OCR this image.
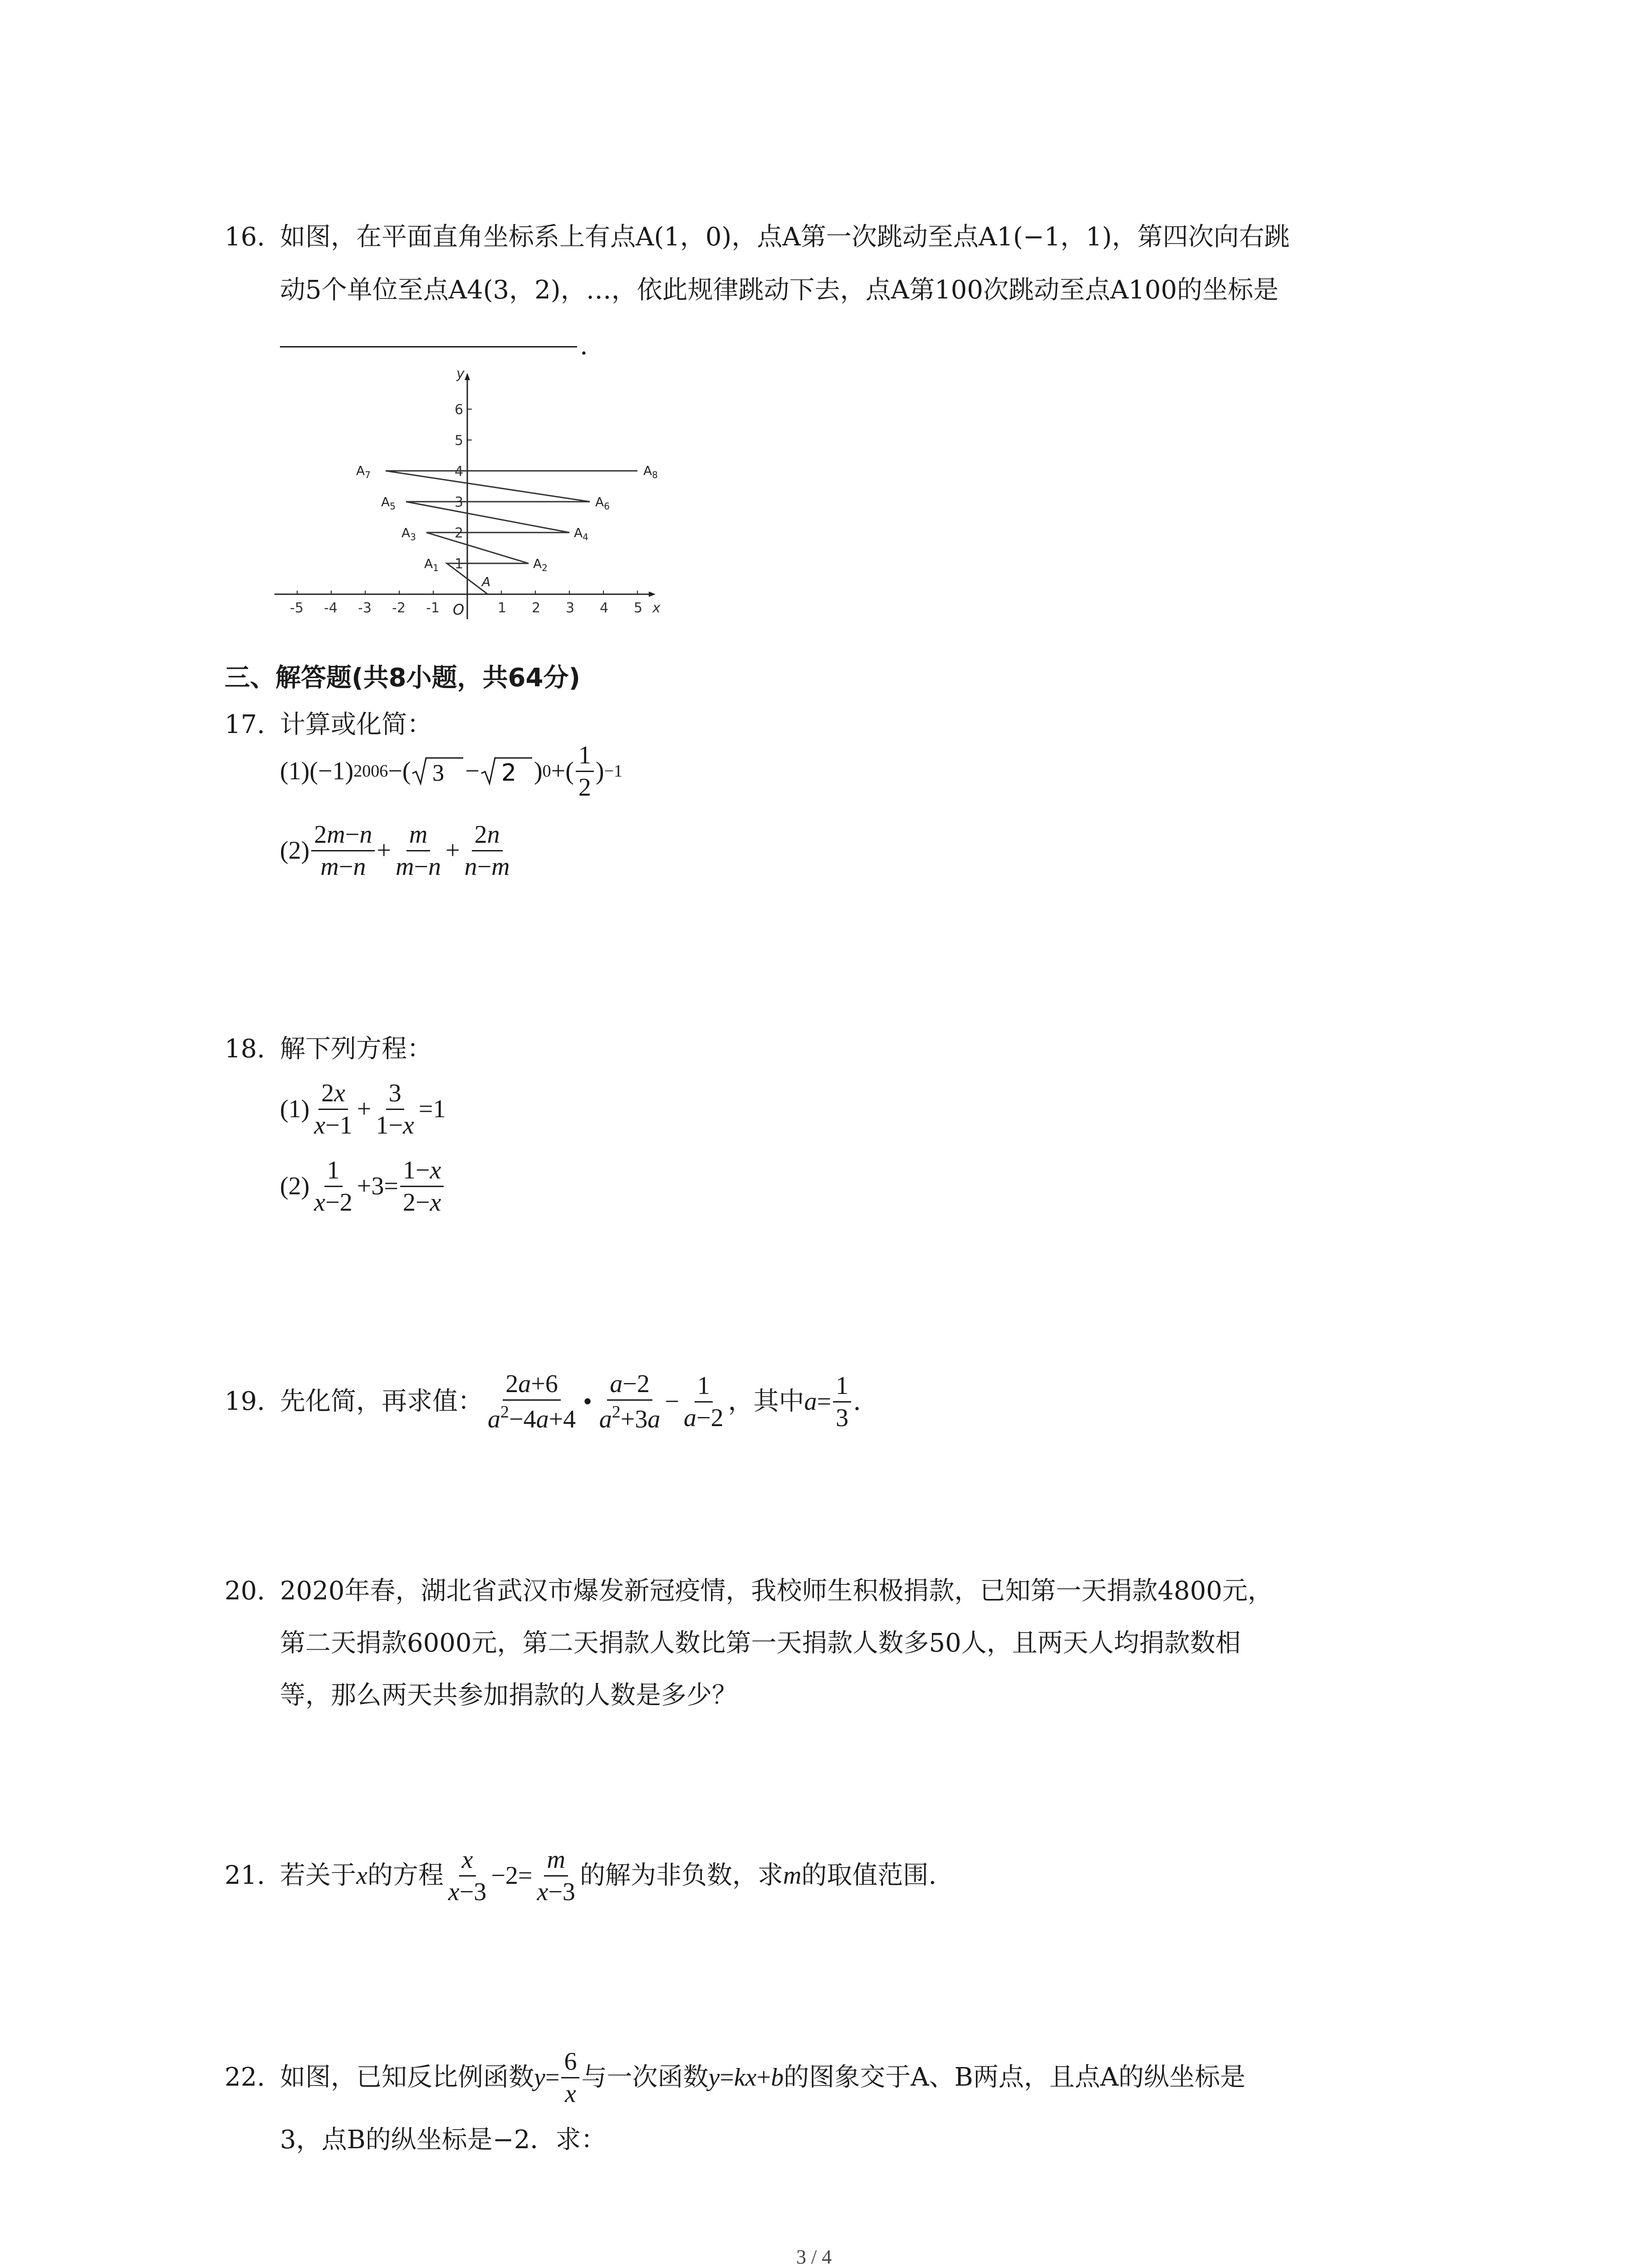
16. 如图，在平面直角坐标系上有点A(1，0)，点A第一次跳动至点A1(−1，1)，第四次向右跳
动5个单位至点A4(3，2)，…，依此规律跳动下去，点A第100次跳动至点A100的坐标是
.
-5 -4 -3 -2 -1	1 2 3 4 5
1
2
3
4
5
6
x
y
O
A
$A_1$	$A_2$
$A_3$	$A_4$
$A_5$	$A_6$
$A_7$	$A_8$
三、解答题(共8小题，共64分)
17. 计算或化简：
(1) (−1) 2006 −( 3 − 2 ) 0 +( $\frac{1}{2}$ ) −1
$(2) \frac{2m-n}{m-n} + \frac{m}{m-n} + \frac{2n}{n-m}$
18. 解下列方程：
$(1) \frac{2x}{x-1} + \frac{3}{1-x} =1$
$(2) \frac{1}{x-2} +3= \frac{1-x}{2-x}$
19. 先化简，再求值： $\frac{2a+6}{a^2-4a+4}$ • $\frac{a-2}{a^2+3a} - \frac{1}{a-2}$ ，其中 $a = \frac{1}{3}$ .
20. 2020年春，湖北省武汉市爆发新冠疫情，我校师生积极捐款，已知第一天捐款4800元，
第二天捐款6000元，第二天捐款人数比第一天捐款人数多50人，且两天人均捐款数相
等，那么两天共参加捐款的人数是多少？
21. 若关于 x 的方程 $\frac{x}{x-3} -2= \frac{m}{x-3}$ 的解为非负数，求 m 的取值范围.
22. 如图，已知反比例函数 $y = \frac{6}{x}$ 与一次函数 y = kx + b 的图象交于A、B两点，且点A的纵坐标是
3，点B的纵坐标是−2．求：
3 / 4
